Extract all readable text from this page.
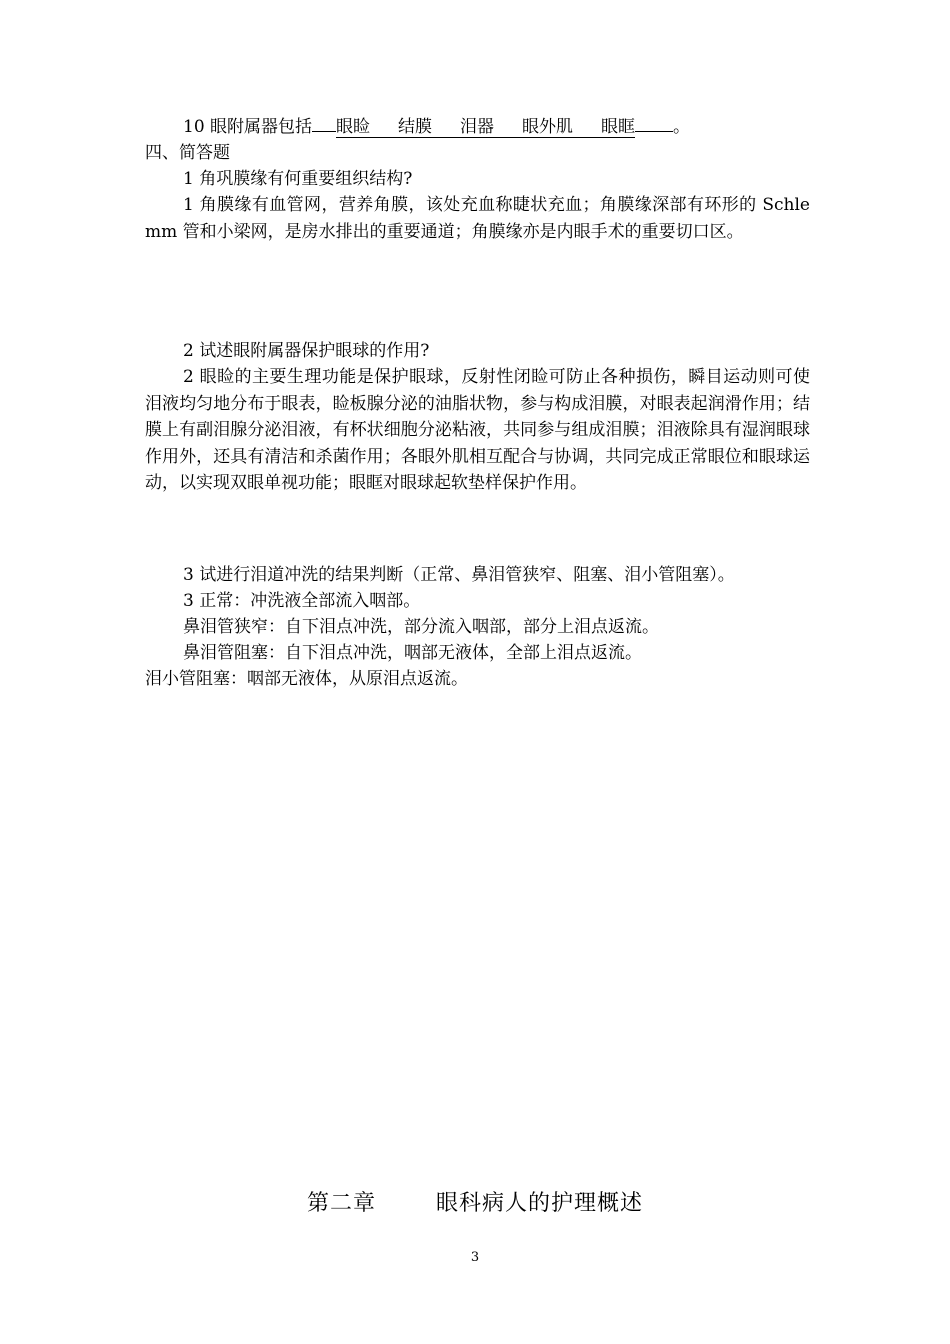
10 眼附属器包括 眼睑 结膜 泪器 眼外肌 眼眶 。
四、简答题
1 角巩膜缘有何重要组织结构?
1 角膜缘有血管网，营养角膜，该处充血称睫状充血；角膜缘深部有环形的 Schlemm 管和小梁网，是房水排出的重要通道；角膜缘亦是内眼手术的重要切口区。
2 试述眼附属器保护眼球的作用?
2 眼睑的主要生理功能是保护眼球，反射性闭睑可防止各种损伤，瞬目运动则可使泪液均匀地分布于眼表，睑板腺分泌的油脂状物，参与构成泪膜，对眼表起润滑作用；结膜上有副泪腺分泌泪液，有杯状细胞分泌粘液，共同参与组成泪膜；泪液除具有湿润眼球作用外，还具有清洁和杀菌作用；各眼外肌相互配合与协调，共同完成正常眼位和眼球运动，以实现双眼单视功能；眼眶对眼球起软垫样保护作用。
3 试进行泪道冲洗的结果判断（正常、鼻泪管狭窄、阻塞、泪小管阻塞）。
3 正常：冲洗液全部流入咽部。
鼻泪管狭窄：自下泪点冲洗，部分流入咽部，部分上泪点返流。
鼻泪管阻塞：自下泪点冲洗，咽部无液体，全部上泪点返流。
泪小管阻塞：咽部无液体，从原泪点返流。
第二章	眼科病人的护理概述
3
